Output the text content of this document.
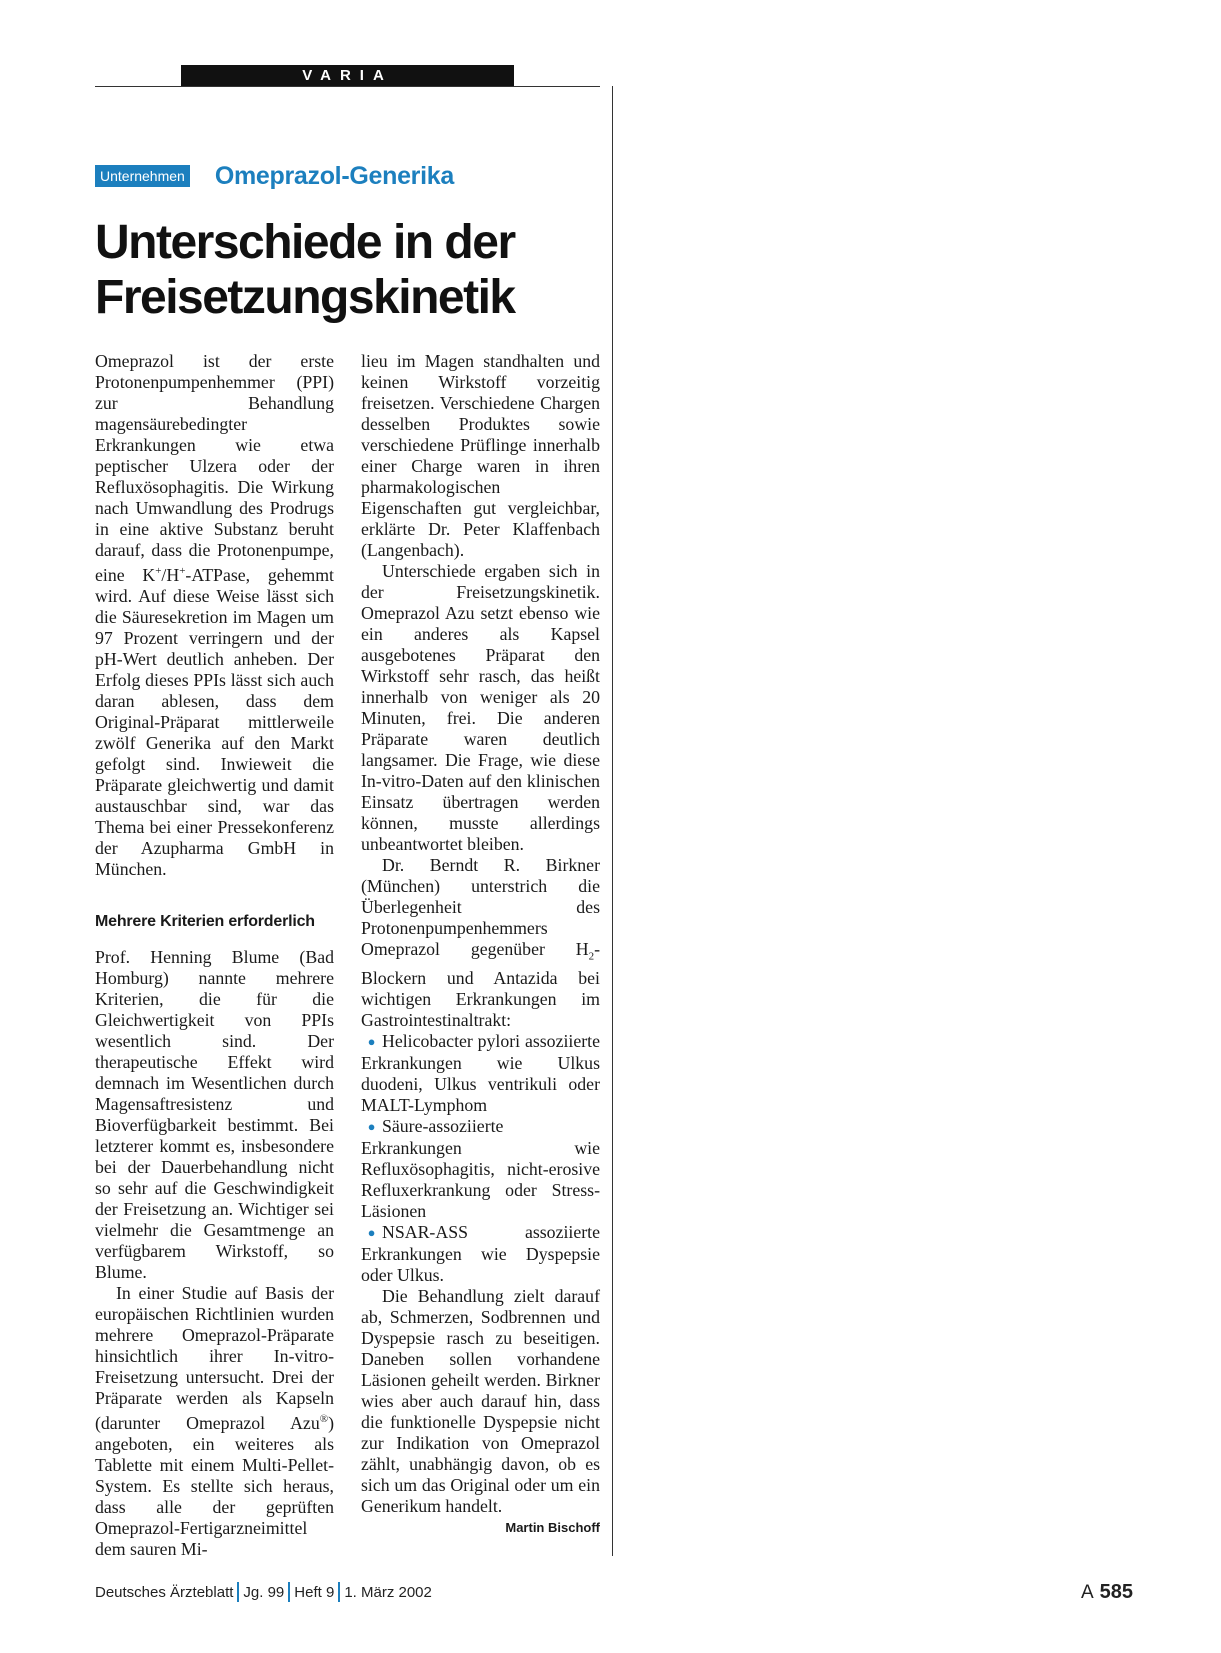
VARIA
Unternehmen Omeprazol-Generika
Unterschiede in der
Freisetzungskinetik

Omeprazol ist der erste Protonenpumpenhemmer (PPI) zur Behandlung magensäurebedingter Erkrankungen wie etwa peptischer Ulzera oder der Refluxösophagitis. Die Wirkung nach Umwandlung des Prodrugs in eine aktive Substanz beruht darauf, dass die Protonenpumpe, eine K+/H+-ATPase, gehemmt wird. Auf diese Weise lässt sich die Säuresekretion im Magen um 97 Prozent verringern und der pH-Wert deutlich anheben. Der Erfolg dieses PPIs lässt sich auch daran ablesen, dass dem Original-Präparat mittlerweile zwölf Generika auf den Markt gefolgt sind. Inwieweit die Präparate gleichwertig und damit austauschbar sind, war das Thema bei einer Pressekonferenz der Azupharma GmbH in München.

Mehrere Kriterien erforderlich

Prof. Henning Blume (Bad Homburg) nannte mehrere Kriterien, die für die Gleichwertigkeit von PPIs wesentlich sind. Der therapeutische Effekt wird demnach im Wesentlichen durch Magensaftresistenz und Bioverfügbarkeit bestimmt. Bei letzterer kommt es, insbesondere bei der Dauerbehandlung nicht so sehr auf die Geschwindigkeit der Freisetzung an. Wichtiger sei vielmehr die Gesamtmenge an verfügbarem Wirkstoff, so Blume.

In einer Studie auf Basis der europäischen Richtlinien wurden mehrere Omeprazol-Präparate hinsichtlich ihrer In-vitro-Freisetzung untersucht. Drei der Präparate werden als Kapseln (darunter Omeprazol Azu®) angeboten, ein weiteres als Tablette mit einem Multi-Pellet-System. Es stellte sich heraus, dass alle der geprüften Omeprazol-Fertigarzneimittel dem sauren Mi-

lieu im Magen standhalten und keinen Wirkstoff vorzeitig freisetzen. Verschiedene Chargen desselben Produktes sowie verschiedene Prüflinge innerhalb einer Charge waren in ihren pharmakologischen Eigenschaften gut vergleichbar, erklärte Dr. Peter Klaffenbach (Langenbach).

Unterschiede ergaben sich in der Freisetzungskinetik. Omeprazol Azu setzt ebenso wie ein anderes als Kapsel ausgebotenes Präparat den Wirkstoff sehr rasch, das heißt innerhalb von weniger als 20 Minuten, frei. Die anderen Präparate waren deutlich langsamer. Die Frage, wie diese In-vitro-Daten auf den klinischen Einsatz übertragen werden können, musste allerdings unbeantwortet bleiben.

Dr. Berndt R. Birkner (München) unterstrich die Überlegenheit des Protonenpumpenhemmers Omeprazol gegenüber $H_2$-Blockern und Antazida bei wichtigen Erkrankungen im Gastrointestinaltrakt:

● Helicobacter pylori assoziierte Erkrankungen wie Ulkus duodeni, Ulkus ventrikuli oder MALT-Lymphom

● Säure-assoziierte Erkrankungen wie Refluxösophagitis, nicht-erosive Refluxerkrankung oder Stress-Läsionen

● NSAR-ASS assoziierte Erkrankungen wie Dyspepsie oder Ulkus.

Die Behandlung zielt darauf ab, Schmerzen, Sodbrennen und Dyspepsie rasch zu beseitigen. Daneben sollen vorhandene Läsionen geheilt werden. Birkner wies aber auch darauf hin, dass die funktionelle Dyspepsie nicht zur Indikation von Omeprazol zählt, unabhängig davon, ob es sich um das Original oder um ein Generikum handelt.
Martin Bischoff

Deutsches Ärzteblatt Jg. 99 Heft 9 1. März 2002	A 585
